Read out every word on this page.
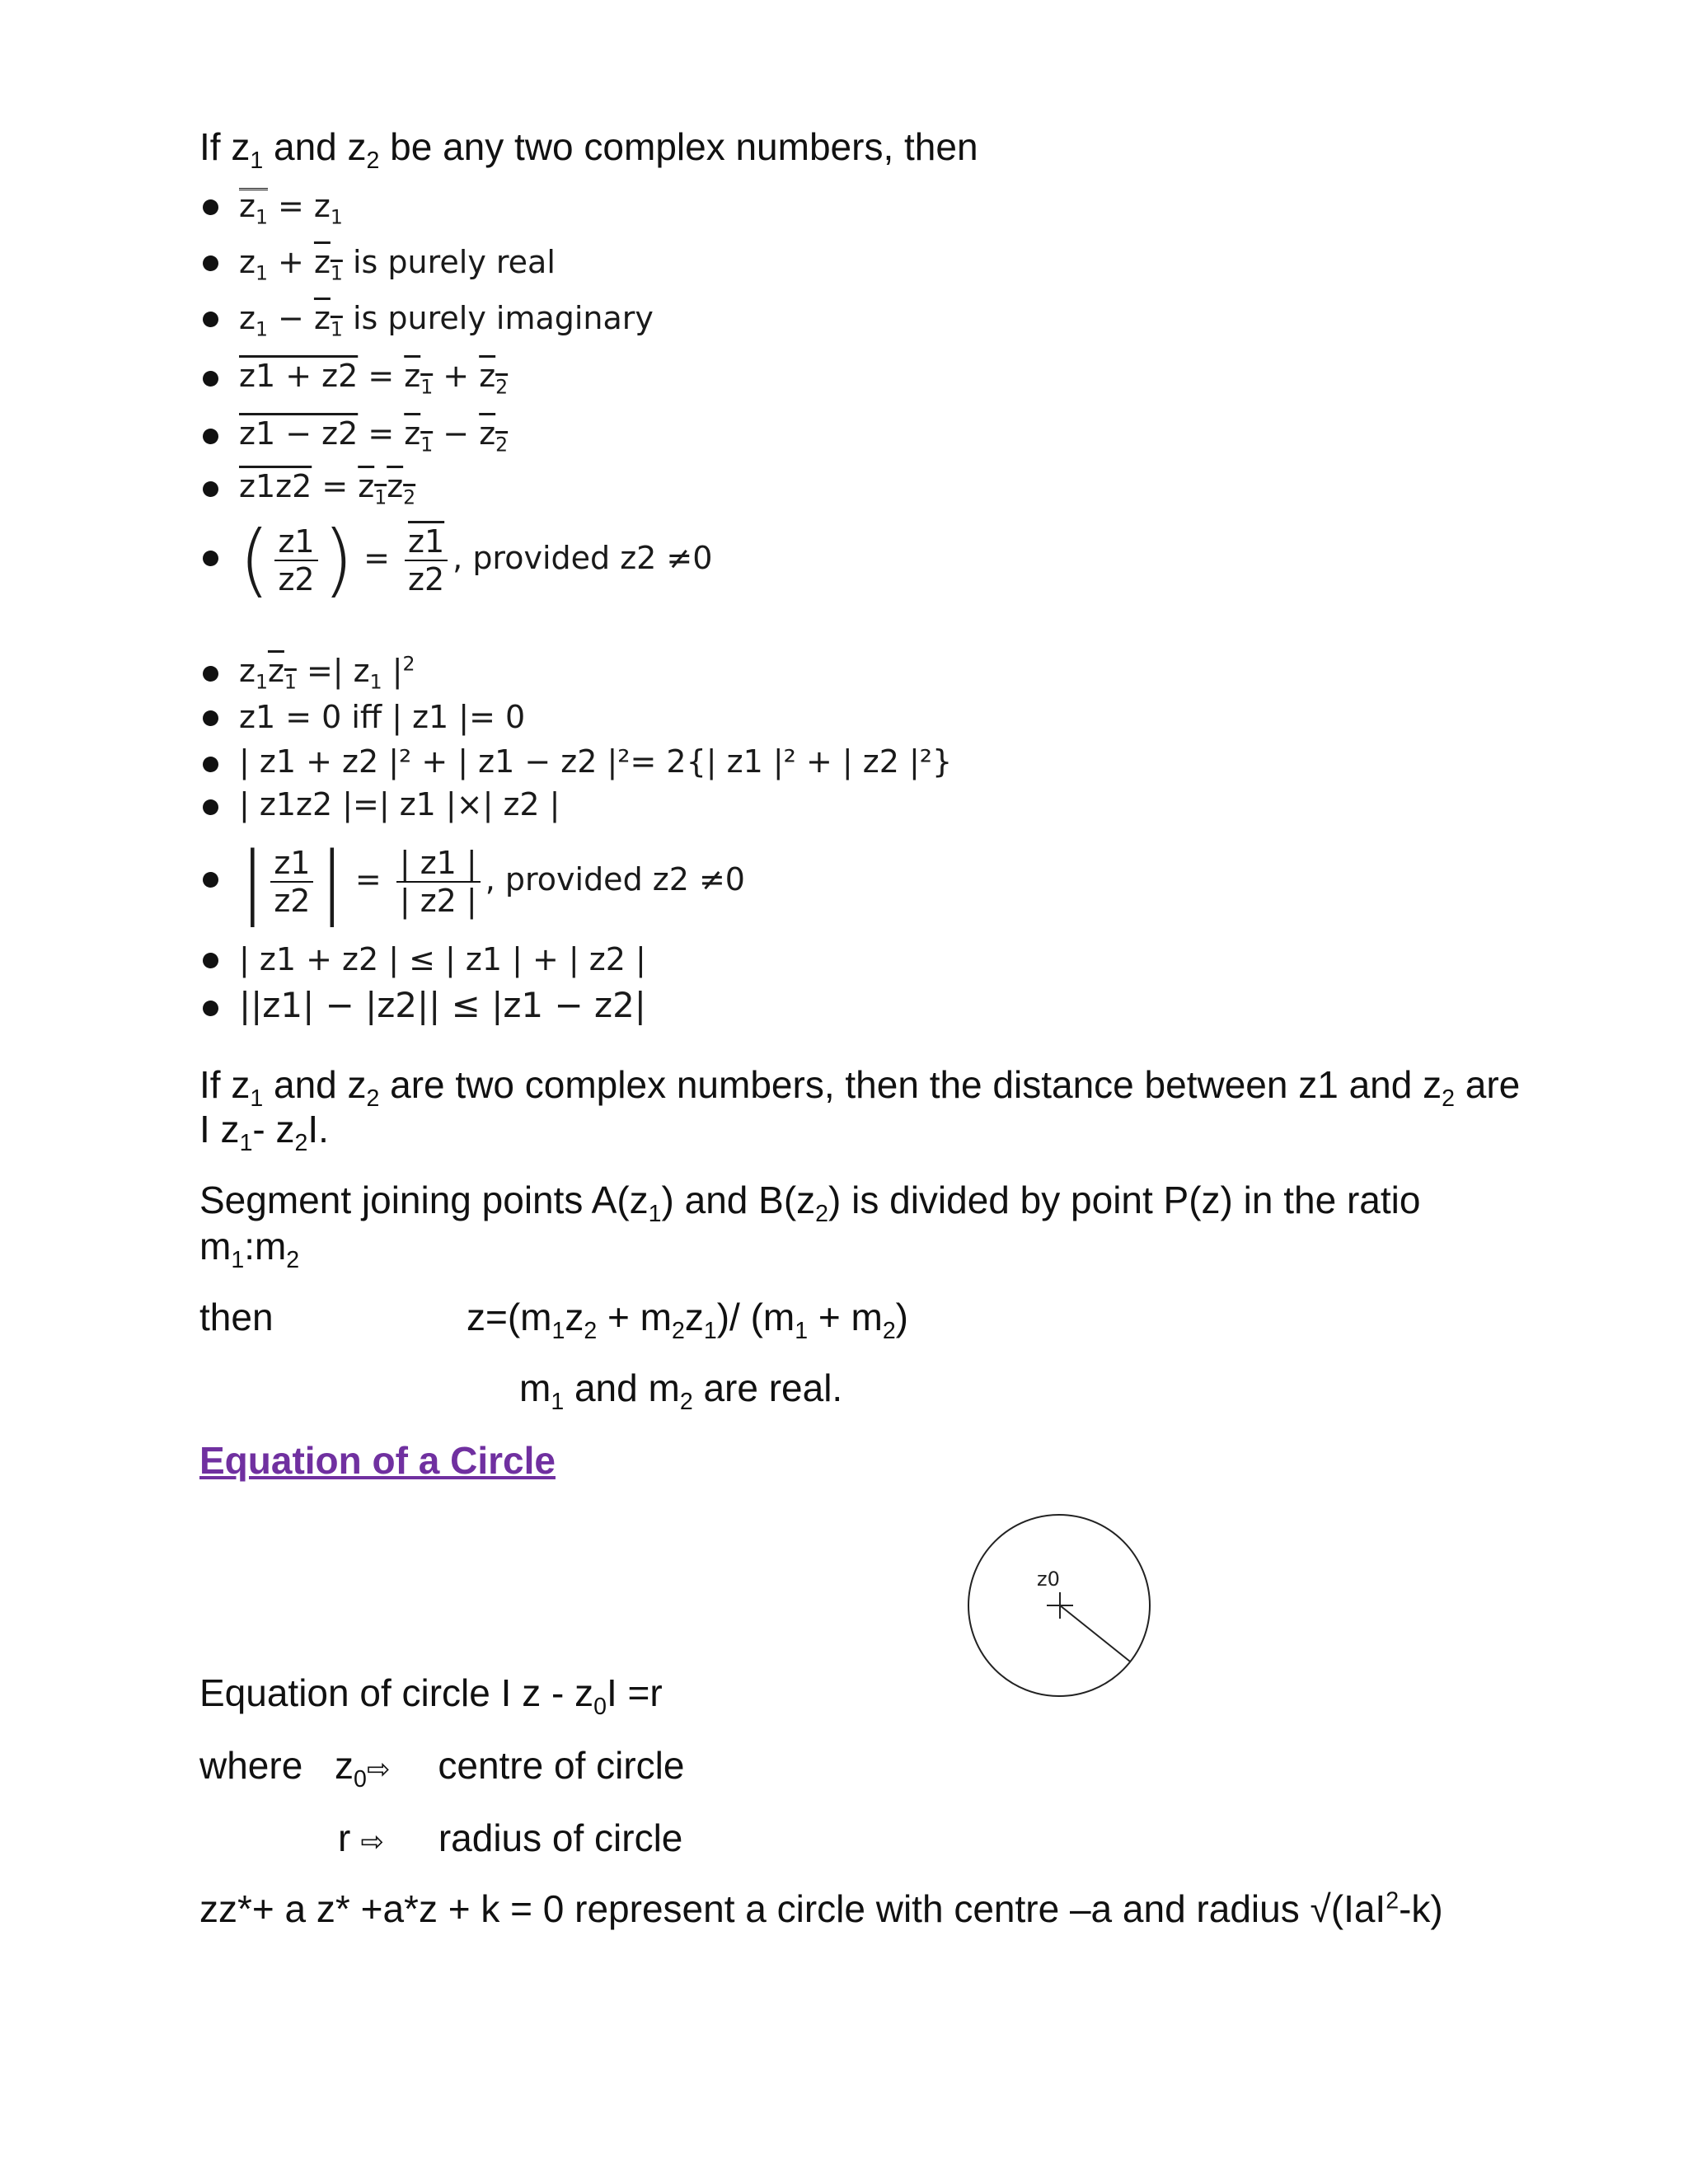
If $z_1$ and $z_2$ be any two complex numbers, then
$z_1 = z_1$
$z_1 + z_1$ is purely real
$z_1 - z_1$ is purely imaginary
$z1 + z2 = z_1 + z_2$
$z1 - z2 = z_1 - z_2$
$z1z2 = z_1z_2$
( $\frac{z1}{z2}$ ) = $\frac{z1}{z2}$ , provided z2 ≠0
$z_1z_1$ =| $z_1$ $|^2$
z1 = 0 iff | z1 |= 0
| z1 + z2 |² + | z1 − z2 |²= 2{| z1 |² + | z2 |²}
| z1z2 |=| z1 |×| z2 |
| $\frac{z1}{z2}$ | = $\frac{| z1 |}{| z2 |}$ , provided z2 ≠0
| z1 + z2 | ≤ | z1 | + | z2 |
||z1| − |z2|| ≤ |z1 − z2|
If $z_1$ and $z_2$ are two complex numbers, then the distance between z1 and $z_2$ are
I $z_1-$ $z_2I$.
Segment joining points $A(z_1)$ and $B(z_2)$ is divided by point P(z) in the ratio
$m_1:m_2$
then	$z=(m_1z_2 + m_2z_1)/$ $(m_1 + m_2)$
$m_1$ and $m_2$ are real.
Equation of a Circle
z0
Equation of circle I $z - z_0I =r$
where $z_0⇨$ centre of circle
r ⇨ radius of circle
zz*+ a z* +a*z + k = 0 represent a circle with centre –a and radius √(IaI$^2$-k)
